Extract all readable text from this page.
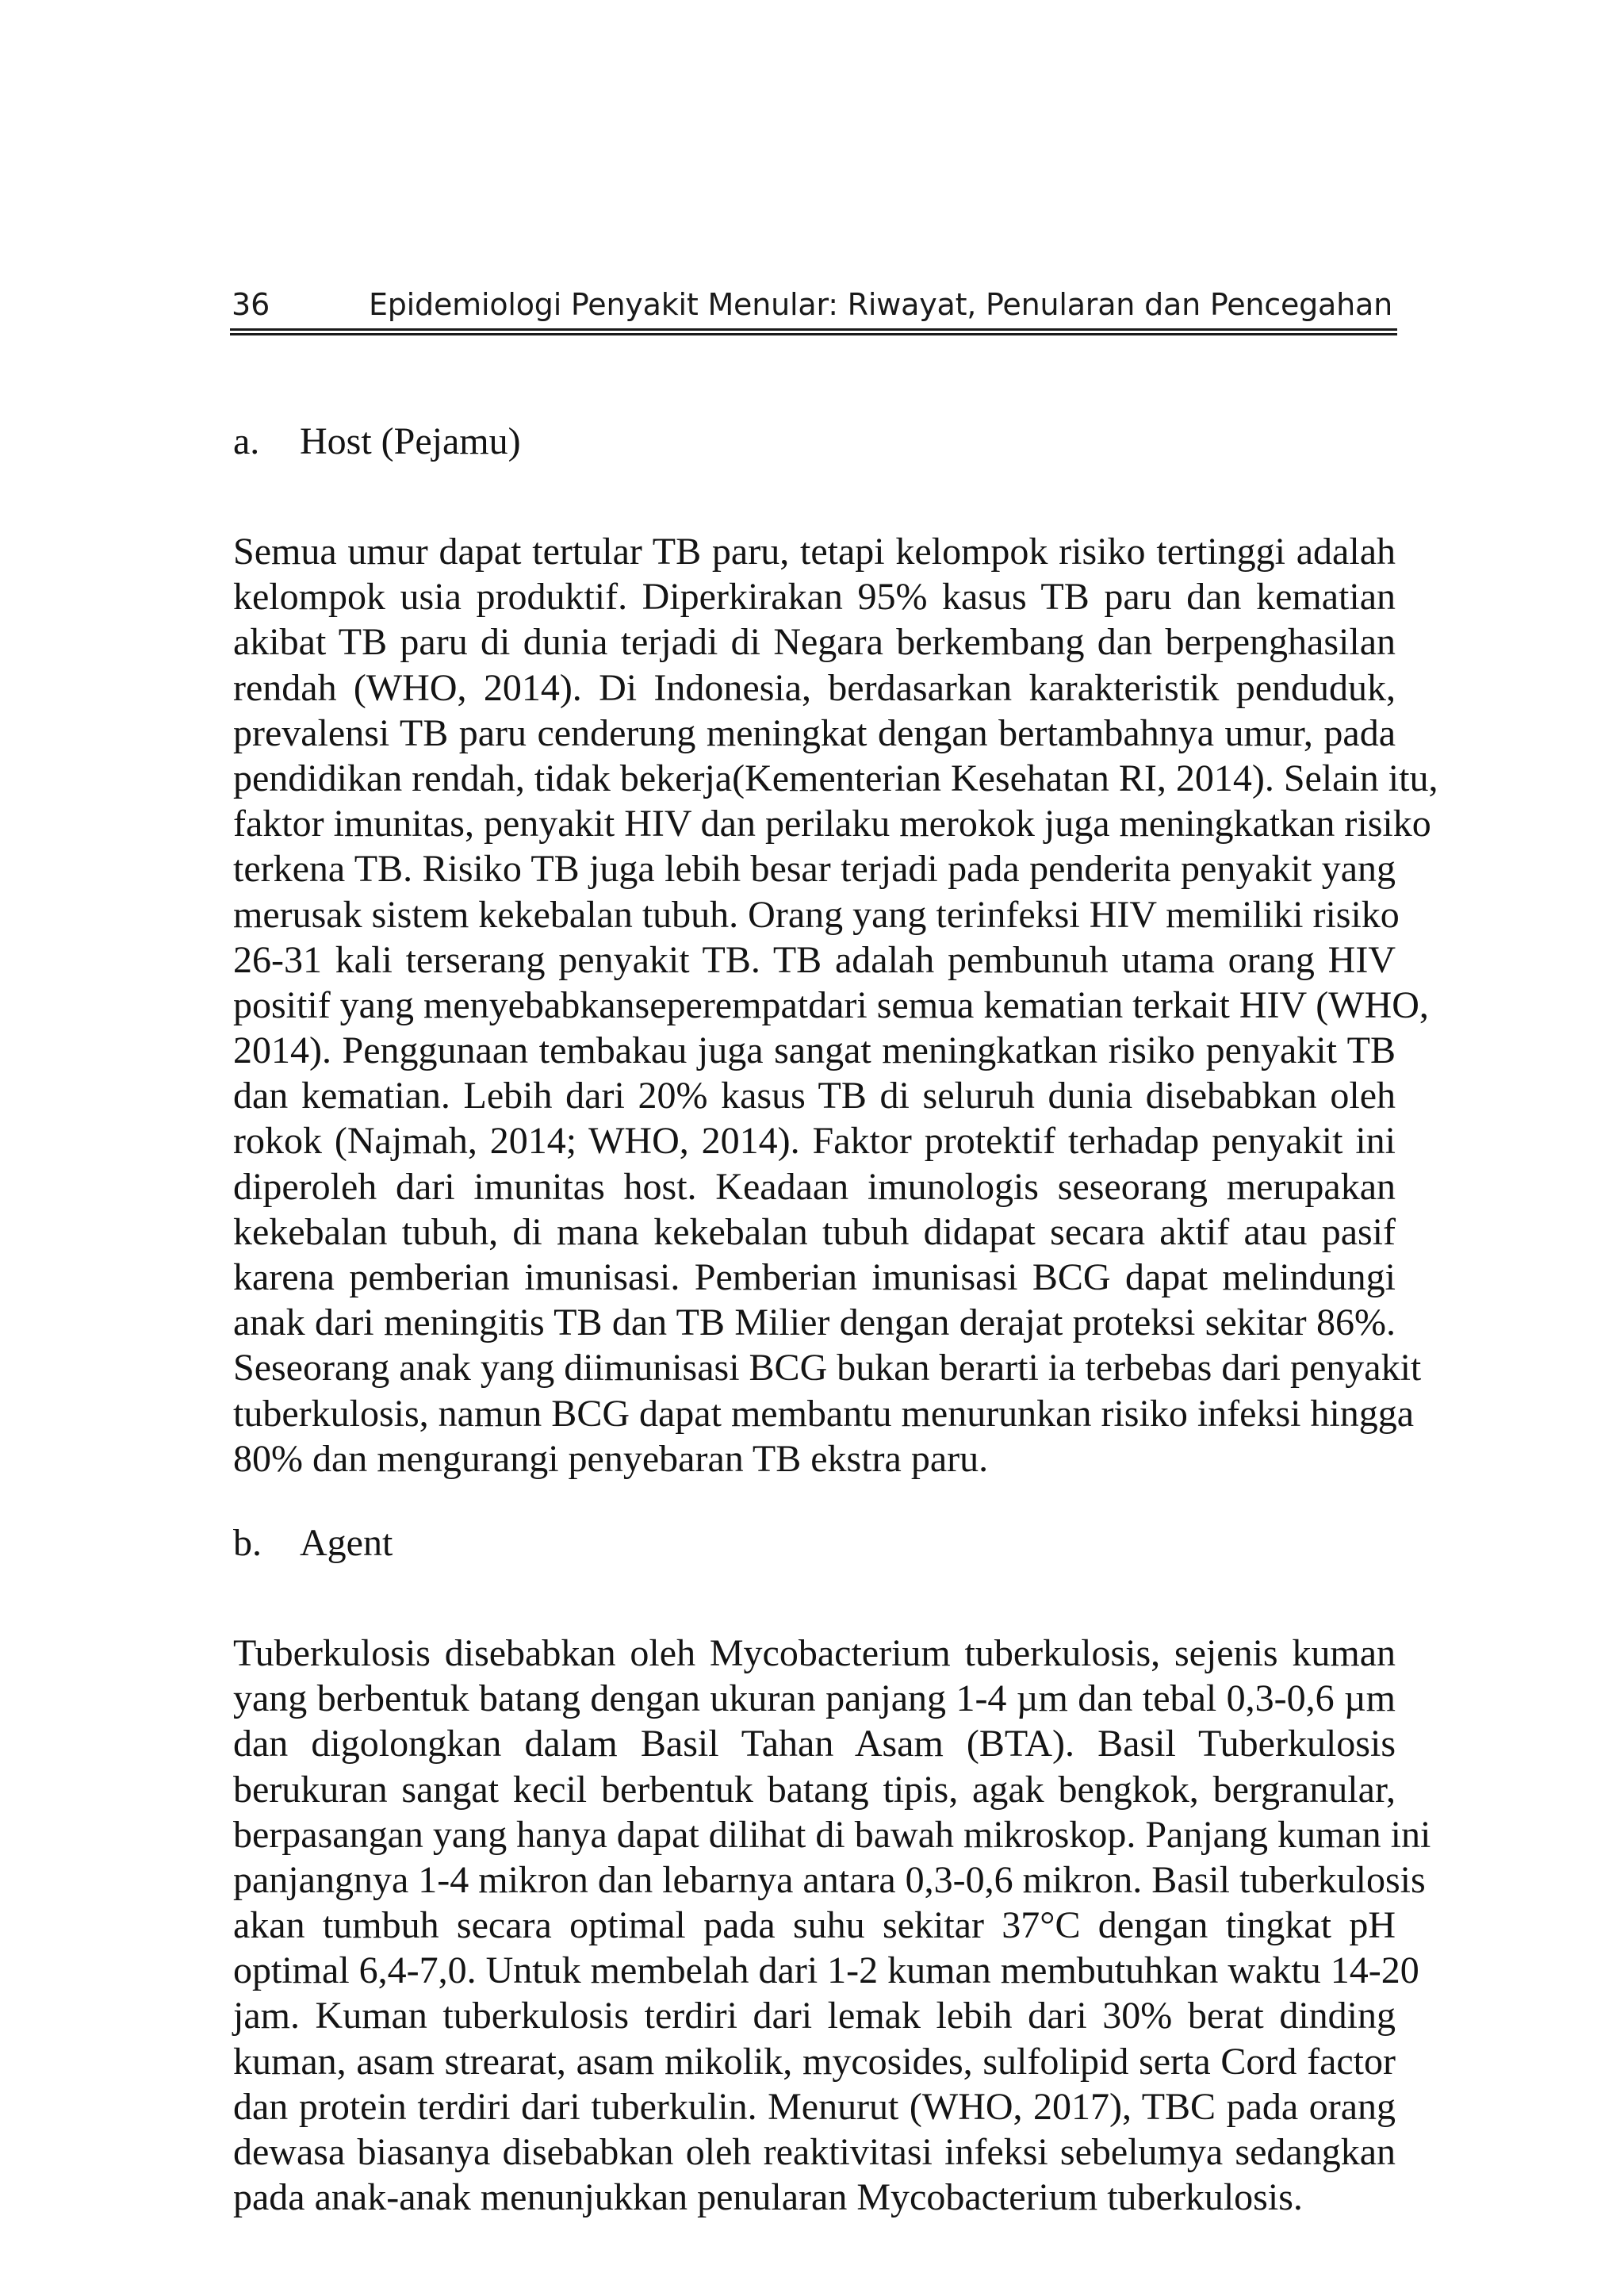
36	Epidemiologi Penyakit Menular: Riwayat, Penularan dan Pencegahan
a. Host (Pejamu)
Semua umur dapat tertular TB paru, tetapi kelompok risiko tertinggi adalah
kelompok usia produktif. Diperkirakan 95% kasus TB paru dan kematian
akibat TB paru di dunia terjadi di Negara berkembang dan berpenghasilan
rendah (WHO, 2014). Di Indonesia, berdasarkan karakteristik penduduk,
prevalensi TB paru cenderung meningkat dengan bertambahnya umur, pada
pendidikan rendah, tidak bekerja(Kementerian Kesehatan RI, 2014). Selain itu,
faktor imunitas, penyakit HIV dan perilaku merokok juga meningkatkan risiko
terkena TB. Risiko TB juga lebih besar terjadi pada penderita penyakit yang
merusak sistem kekebalan tubuh. Orang yang terinfeksi HIV memiliki risiko
26-31 kali terserang penyakit TB. TB adalah pembunuh utama orang HIV
positif yang menyebabkanseperempatdari semua kematian terkait HIV (WHO,
2014). Penggunaan tembakau juga sangat meningkatkan risiko penyakit TB
dan kematian. Lebih dari 20% kasus TB di seluruh dunia disebabkan oleh
rokok (Najmah, 2014; WHO, 2014). Faktor protektif terhadap penyakit ini
diperoleh dari imunitas host. Keadaan imunologis seseorang merupakan
kekebalan tubuh, di mana kekebalan tubuh didapat secara aktif atau pasif
karena pemberian imunisasi. Pemberian imunisasi BCG dapat melindungi
anak dari meningitis TB dan TB Milier dengan derajat proteksi sekitar 86%.
Seseorang anak yang diimunisasi BCG bukan berarti ia terbebas dari penyakit
tuberkulosis, namun BCG dapat membantu menurunkan risiko infeksi hingga
80% dan mengurangi penyebaran TB ekstra paru.
b. Agent
Tuberkulosis disebabkan oleh Mycobacterium tuberkulosis, sejenis kuman
yang berbentuk batang dengan ukuran panjang 1-4 µm dan tebal 0,3-0,6 µm
dan digolongkan dalam Basil Tahan Asam (BTA). Basil Tuberkulosis
berukuran sangat kecil berbentuk batang tipis, agak bengkok, bergranular,
berpasangan yang hanya dapat dilihat di bawah mikroskop. Panjang kuman ini
panjangnya 1-4 mikron dan lebarnya antara 0,3-0,6 mikron. Basil tuberkulosis
akan tumbuh secara optimal pada suhu sekitar 37°C dengan tingkat pH
optimal 6,4-7,0. Untuk membelah dari 1-2 kuman membutuhkan waktu 14-20
jam. Kuman tuberkulosis terdiri dari lemak lebih dari 30% berat dinding
kuman, asam strearat, asam mikolik, mycosides, sulfolipid serta Cord factor
dan protein terdiri dari tuberkulin. Menurut (WHO, 2017), TBC pada orang
dewasa biasanya disebabkan oleh reaktivitasi infeksi sebelumya sedangkan
pada anak-anak menunjukkan penularan Mycobacterium tuberkulosis.
